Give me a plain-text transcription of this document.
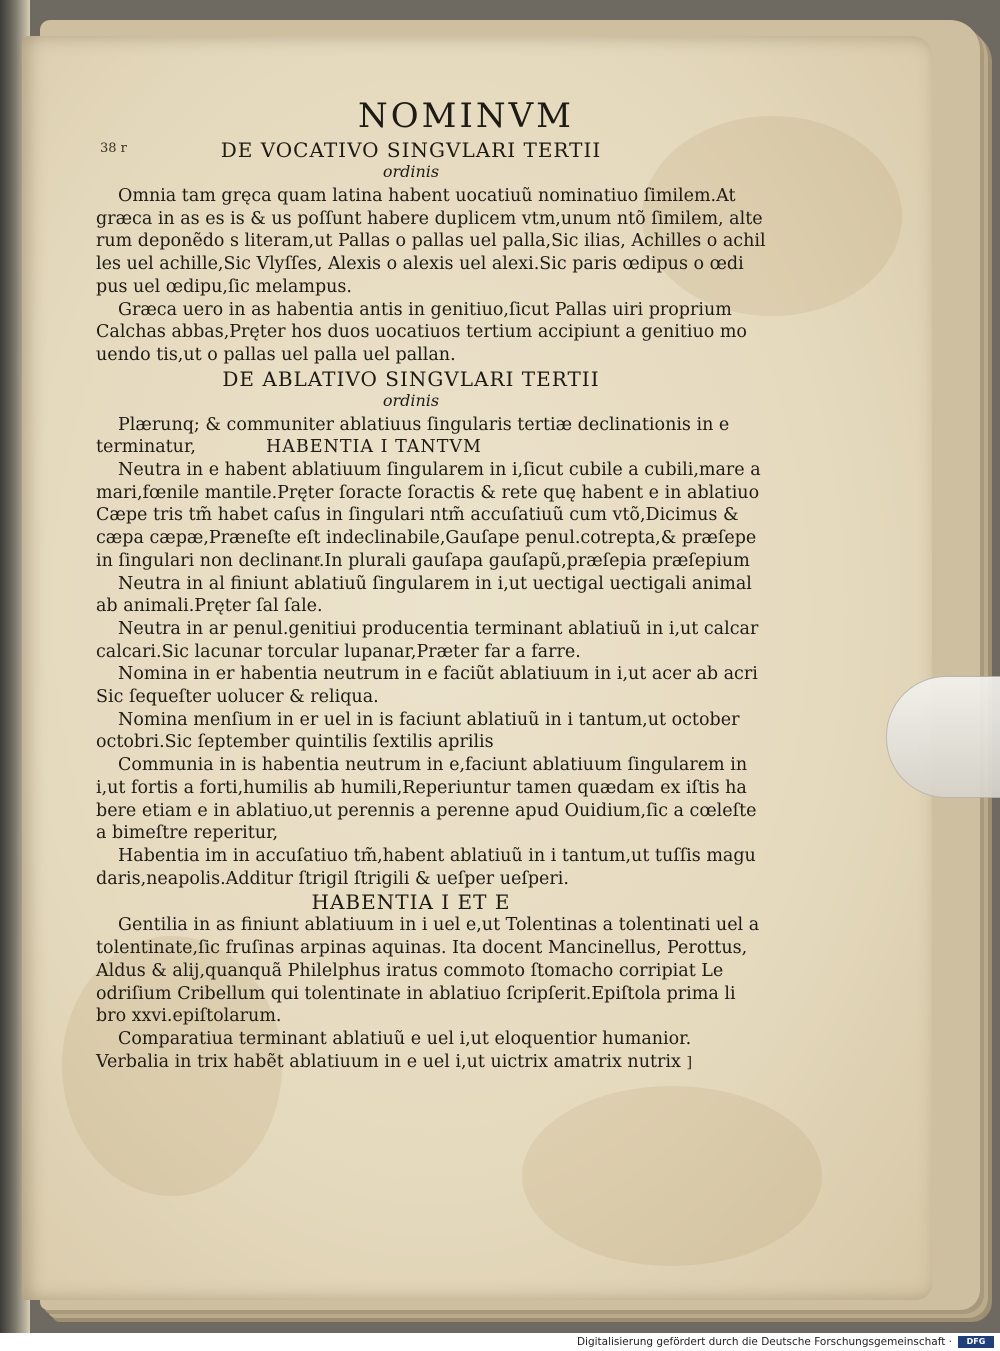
38 r
NOMINVM
DE VOCATIVO SINGVLARI TERTII
ordinis
Omnia tam gręca quam latina habent uocatiuũ nominatiuo ſimilem.At
græca in as es is & us poſſunt habere duplicem vtm,unum ntõ ſimilem, alte
rum deponẽdo s literam,ut Pallas o pallas uel palla,Sic ilias, Achilles o achil
les uel achille,Sic Vlyſſes, Alexis o alexis uel alexi.Sic paris œdipus o œdi
pus uel œdipu,ſic melampus.
Græca uero in as habentia antis in genitiuo,ſicut Pallas uiri proprium
Calchas abbas,Pręter hos duos uocatiuos tertium accipiunt a genitiuo mo
uendo tis,ut o pallas uel palla uel pallan.
DE ABLATIVO SINGVLARI TERTII
ordinis
Plærunq; & communiter ablatiuus ſingularis tertiæ declinationis in e
terminatur,	HABENTIA I TANTVM
Neutra in e habent ablatiuum ſingularem in i,ſicut cubile a cubili,mare a
mari,fœnile mantile.Pręter ſoracte ſoractis & rete quę habent e in ablatiuo
Cæpe tris tm̃ habet caſus in ſingulari ntm̃ accuſatiuũ cum vtõ,Dicimus &
cæpa cæpæ,Præneſte eſt indeclinabile,Gauſape penul.cotrepta,& præſepe
in ſingulari non declinantͬ.In plurali gauſapa gauſapũ,præſepia præſepium
Neutra in al finiunt ablatiuũ ſingularem in i,ut uectigal uectigali animal
ab animali.Pręter ſal ſale.
Neutra in ar penul.genitiui producentia terminant ablatiuũ in i,ut calcar
calcari.Sic lacunar torcular lupanar,Præter far a farre.
Nomina in er habentia neutrum in e faciũt ablatiuum in i,ut acer ab acri
Sic ſequeſter uolucer & reliqua.
Nomina menſium in er uel in is faciunt ablatiuũ in i tantum,ut october
octobri.Sic ſeptember quintilis ſextilis aprilis
Communia in is habentia neutrum in e,faciunt ablatiuum ſingularem in
i,ut fortis a forti,humilis ab humili,Reperiuntur tamen quædam ex iſtis ha
bere etiam e in ablatiuo,ut perennis a perenne apud Ouidium,ſic a cœleſte
a bimeſtre reperitur,
Habentia im in accuſatiuo tm̃,habent ablatiuũ in i tantum,ut tuſſis magu
daris,neapolis.Additur ſtrigil ſtrigili & ueſper ueſperi.
HABENTIA I ET E
Gentilia in as finiunt ablatiuum in i uel e,ut Tolentinas a tolentinati uel a
tolentinate,ſic fruſinas arpinas aquinas. Ita docent Mancinellus, Perottus,
Aldus & alij,quanquã Philelphus iratus commoto ſtomacho corripiat Le
odriſium Cribellum qui tolentinate in ablatiuo ſcripſerit.Epiſtola prima li
bro xxvi.epiſtolarum.
Comparatiua terminant ablatiuũ e uel i,ut eloquentior humanior.
Verbalia in trix habẽt ablatiuum in e uel i,ut uictrix amatrix nutrix ]
Digitalisierung gefördert durch die Deutsche Forschungsgemeinschaft ·	DFG
